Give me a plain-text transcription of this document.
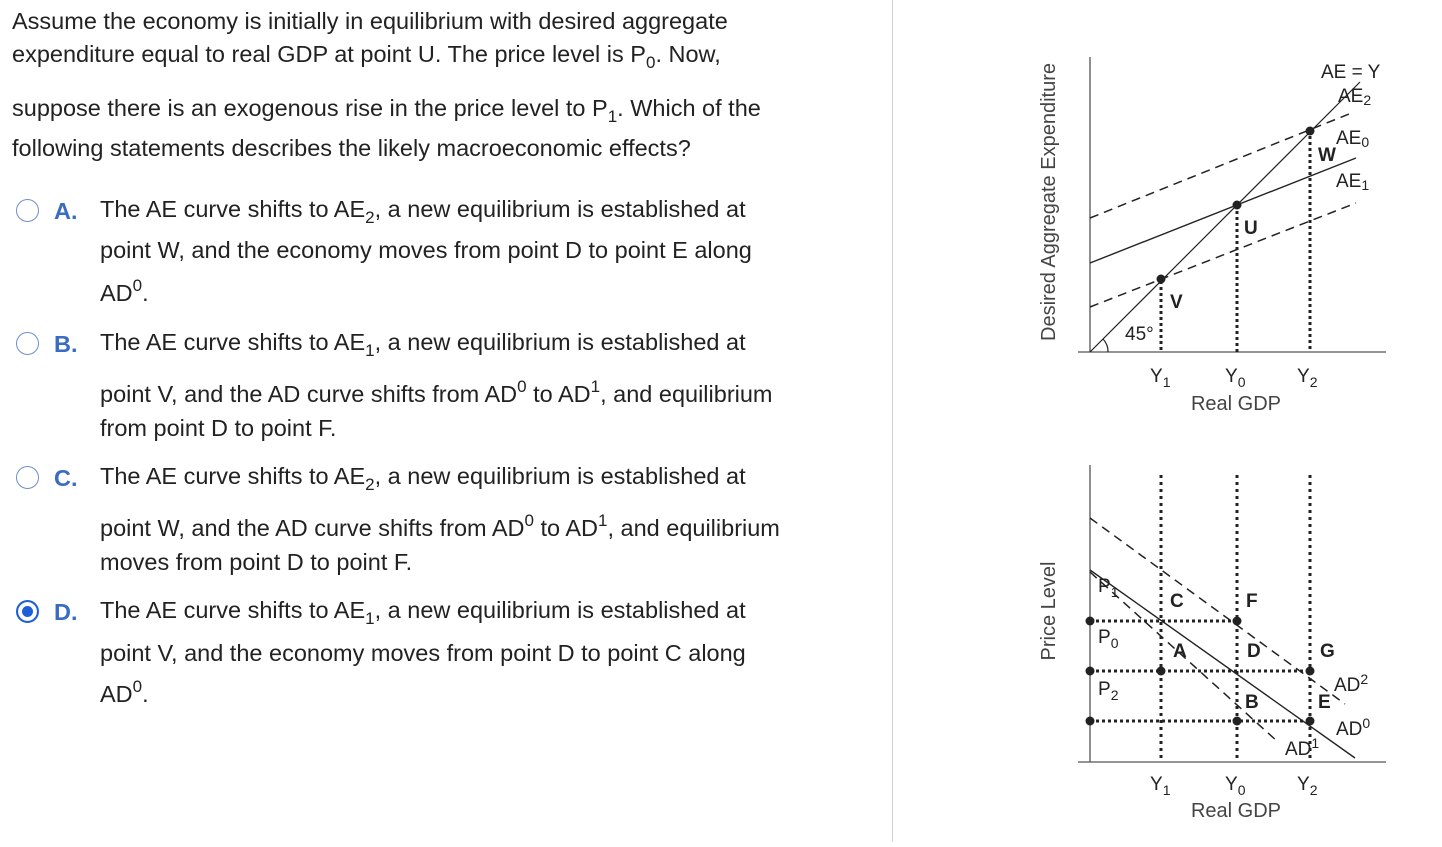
Assume the economy is initially in equilibrium with desired aggregate
expenditure equal to real GDP at point U. The price level is $P_0$. Now,
suppose there is an exogenous rise in the price level to $P_1$. Which of the
following statements describes the likely macroeconomic effects?
A. The AE curve shifts to $AE_2$, a new equilibrium is established at
point W, and the economy moves from point D to point E along
$AD^0$.
B. The AE curve shifts to $AE_1$, a new equilibrium is established at
point V, and the AD curve shifts from $AD^0$ to $AD^1$, and equilibrium
from point D to point F.
C. The AE curve shifts to $AE_2$, a new equilibrium is established at
point W, and the AD curve shifts from $AD^0$ to $AD^1$, and equilibrium
moves from point D to point F.
D. The AE curve shifts to $AE_1$, a new equilibrium is established at
point V, and the economy moves from point D to point C along
$AD^0$.
Desired Aggregate Expenditure	45°
AE = Y
AE2
AE0
AE1
W
U
V
$Y_1$	$Y_0$	$Y_2$
Real GDP
Price Level $P_1$
$P_0$
$P_2$
C	F
A	D	G
B	E
$AD^2$
$AD^0$
$AD^1$
$Y_1$	$Y_0$	$Y_2$
Real GDP
